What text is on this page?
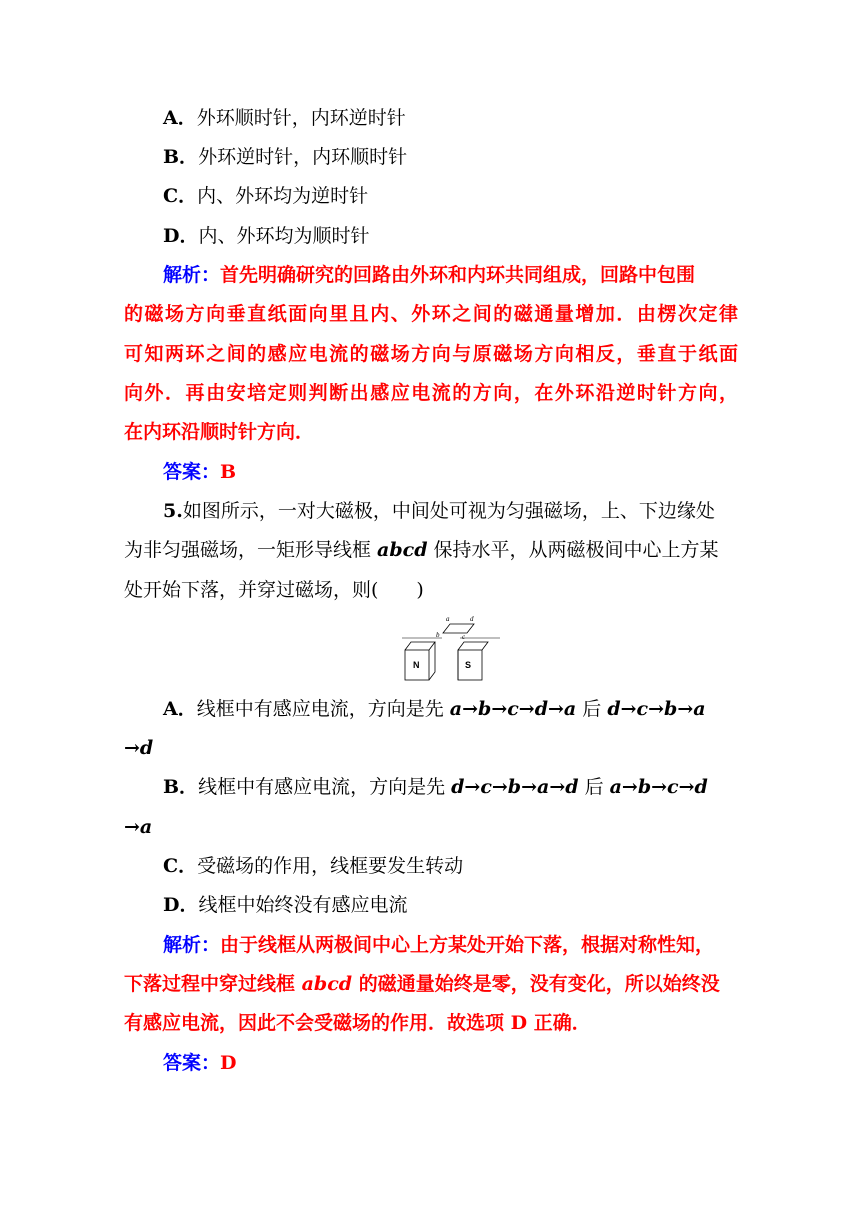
A．外环顺时针，内环逆时针
B．外环逆时针，内环顺时针
C．内、外环均为逆时针
D．内、外环均为顺时针
解析：首先明确研究的回路由外环和内环共同组成，回路中包围
的磁场方向垂直纸面向里且内、外环之间的磁通量增加．由楞次定律
可知两环之间的感应电流的磁场方向与原磁场方向相反，垂直于纸面
向外．再由安培定则判断出感应电流的方向，在外环沿逆时针方向，
在内环沿顺时针方向．
答案：B
5.如图所示，一对大磁极，中间处可视为匀强磁场，上、下边缘处
为非匀强磁场，一矩形导线框 abcd 保持水平，从两磁极间中心上方某
处开始下落，并穿过磁场，则(　　)
N	S
a
b	c
d
A．线框中有感应电流，方向是先 a→b→c→d→a 后 d→c→b→a
→d
B．线框中有感应电流，方向是先 d→c→b→a→d 后 a→b→c→d
→a
C．受磁场的作用，线框要发生转动
D．线框中始终没有感应电流
解析：由于线框从两极间中心上方某处开始下落，根据对称性知，
下落过程中穿过线框 abcd 的磁通量始终是零，没有变化，所以始终没
有感应电流，因此不会受磁场的作用．故选项 D 正确．
答案：D
